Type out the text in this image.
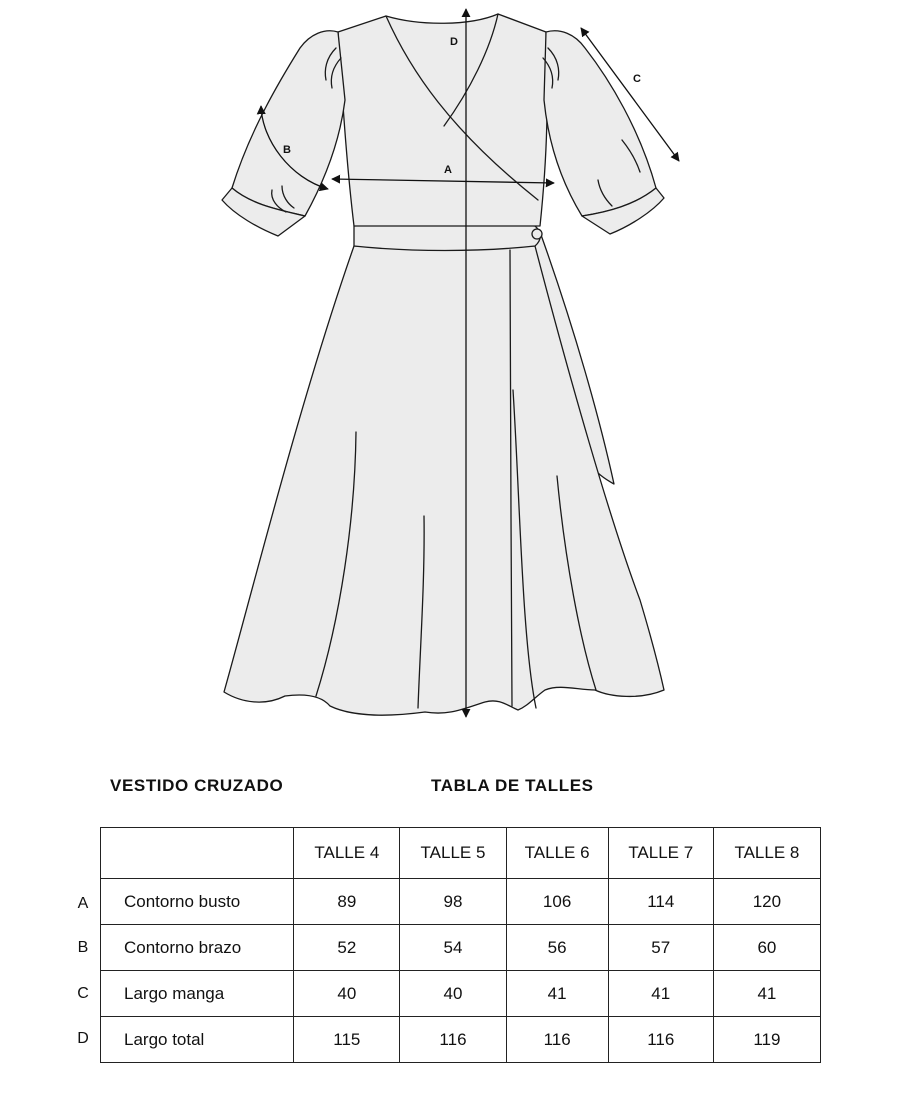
A
B
C
D
VESTIDO CRUZADO	TABLA DE TALLES
A
B
C
D
	TALLE 4	TALLE 5	TALLE 6	TALLE 7	TALLE 8
Contorno busto	89	98	106	114	120
Contorno brazo	52	54	56	57	60
Largo manga	40	40	41	41	41
Largo total	115	116	116	116	119
